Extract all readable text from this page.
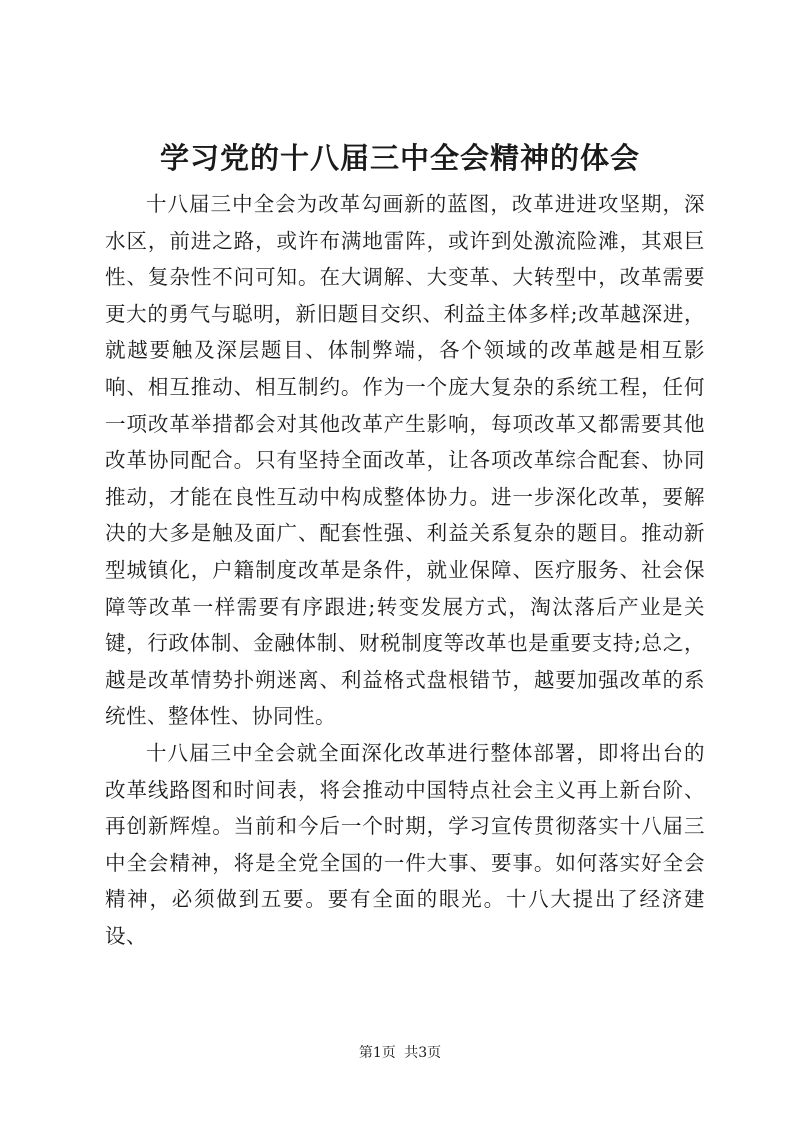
学习党的十八届三中全会精神的体会

十八届三中全会为改革勾画新的蓝图，改革进进攻坚期，深水区，前进之路，或许布满地雷阵，或许到处激流险滩，其艰巨性、复杂性不问可知。在大调解、大变革、大转型中，改革需要更大的勇气与聪明，新旧题目交织、利益主体多样;改革越深进，就越要触及深层题目、体制弊端，各个领域的改革越是相互影响、相互推动、相互制约。作为一个庞大复杂的系统工程，任何一项改革举措都会对其他改革产生影响，每项改革又都需要其他改革协同配合。只有坚持全面改革，让各项改革综合配套、协同推动，才能在良性互动中构成整体协力。进一步深化改革，要解决的大多是触及面广、配套性强、利益关系复杂的题目。推动新型城镇化，户籍制度改革是条件，就业保障、医疗服务、社会保障等改革一样需要有序跟进;转变发展方式，淘汰落后产业是关键，行政体制、金融体制、财税制度等改革也是重要支持;总之，越是改革情势扑朔迷离、利益格式盘根错节，越要加强改革的系统性、整体性、协同性。

十八届三中全会就全面深化改革进行整体部署，即将出台的改革线路图和时间表，将会推动中国特点社会主义再上新台阶、再创新辉煌。当前和今后一个时期，学习宣传贯彻落实十八届三中全会精神，将是全党全国的一件大事、要事。如何落实好全会精神，必须做到五要。要有全面的眼光。十八大提出了经济建设、

第1页 共3页
